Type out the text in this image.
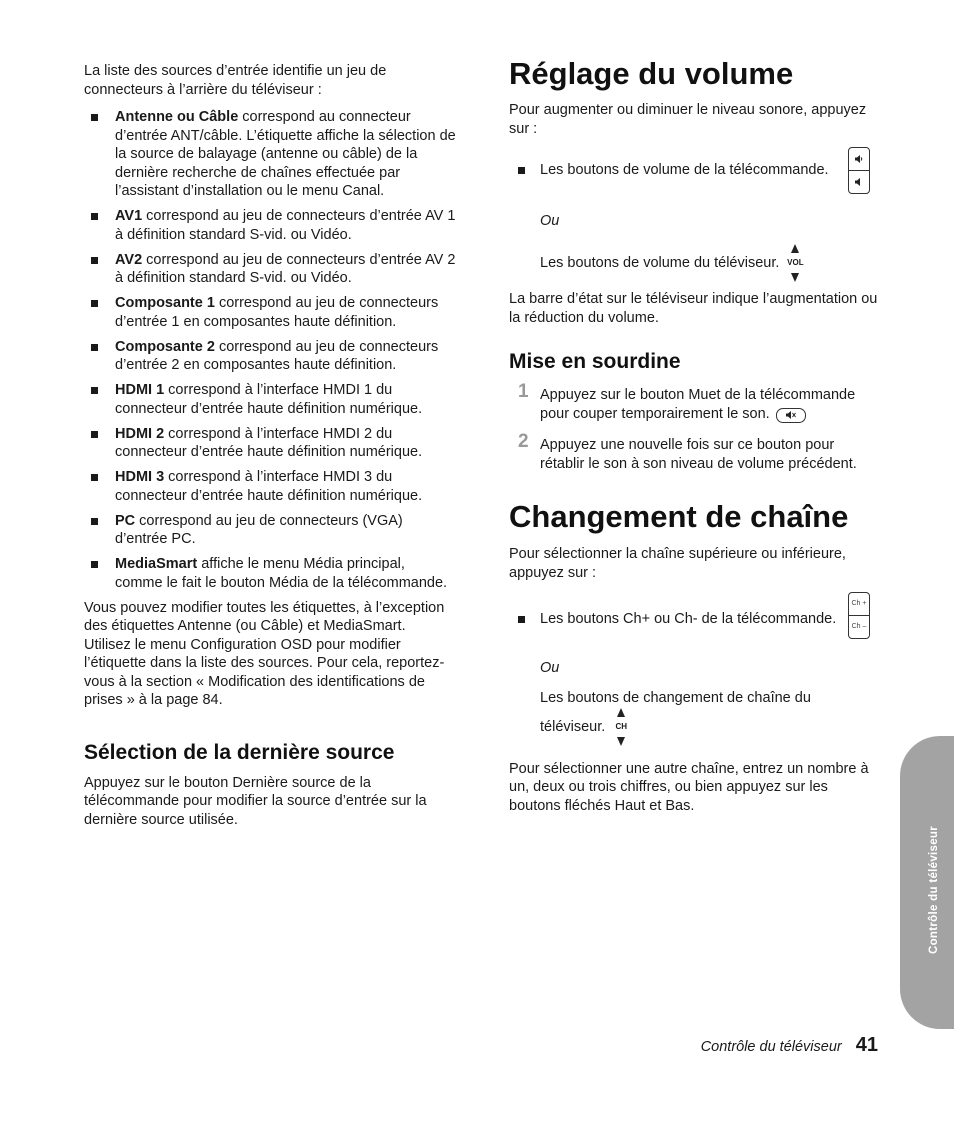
La liste des sources d’entrée identifie un jeu de connecteurs à l’arrière du téléviseur :

Antenne ou Câble correspond au connecteur d’entrée ANT/câble. L’étiquette affiche la sélection de la source de balayage (antenne ou câble) de la dernière recherche de chaînes effectuée par l’assistant d’installation ou le menu Canal.
AV1 correspond au jeu de connecteurs d’entrée AV 1 à définition standard S-vid. ou Vidéo.
AV2 correspond au jeu de connecteurs d’entrée AV 2 à définition standard S-vid. ou Vidéo.
Composante 1 correspond au jeu de connecteurs d’entrée 1 en composantes haute définition.
Composante 2 correspond au jeu de connecteurs d’entrée 2 en composantes haute définition.
HDMI 1 correspond à l’interface HMDI 1 du connecteur d’entrée haute définition numérique.
HDMI 2 correspond à l’interface HMDI 2 du connecteur d’entrée haute définition numérique.
HDMI 3 correspond à l’interface HMDI 3 du connecteur d’entrée haute définition numérique.
PC correspond au jeu de connecteurs (VGA) d’entrée PC.
MediaSmart affiche le menu Média principal, comme le fait le bouton Média de la télécommande.

Vous pouvez modifier toutes les étiquettes, à l’exception des étiquettes Antenne (ou Câble) et MediaSmart. Utilisez le menu Configuration OSD pour modifier l’étiquette dans la liste des sources. Pour cela, reportez-vous à la section « Modification des identifications de prises » à la page 84.

Sélection de la dernière source

Appuyez sur le bouton Dernière source de la télécommande pour modifier la source d’entrée sur la dernière source utilisée.

Réglage du volume

Pour augmenter ou diminuer le niveau sonore, appuyez sur :

Les boutons de volume de la télécommande.

Ou

Les boutons de volume du téléviseur. VOL

La barre d’état sur le téléviseur indique l’augmentation ou la réduction du volume.

Mise en sourdine

1 Appuyez sur le bouton Muet de la télécommande pour couper temporairement le son.

2 Appuyez une nouvelle fois sur ce bouton pour rétablir le son à son niveau de volume précédent.

Changement de chaîne

Pour sélectionner la chaîne supérieure ou inférieure, appuyez sur :

Les boutons Ch+ ou Ch- de la télécommande.

Ch +
Ch –

Ou

Les boutons de changement de chaîne du

téléviseur.	CH

Pour sélectionner une autre chaîne, entrez un nombre à un, deux ou trois chiffres, ou bien appuyez sur les boutons fléchés Haut et Bas.

Contrôle du téléviseur
Contrôle du téléviseur 41
